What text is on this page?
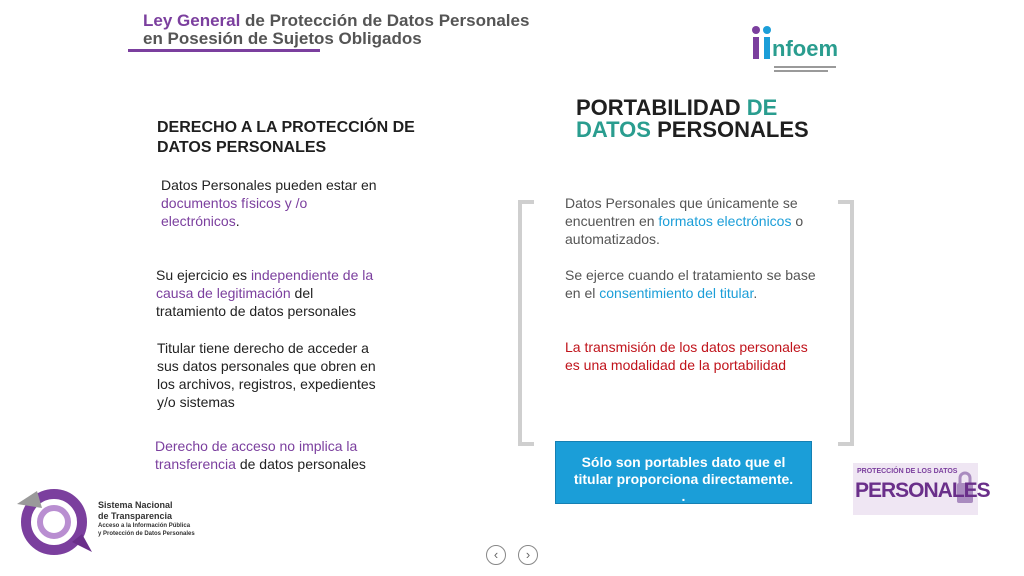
Ley General de Protección de Datos Personales
en Posesión de Sujetos Obligados	nfoem
PORTABILIDAD DE
DATOS PERSONALES
DERECHO A LA PROTECCIÓN DE DATOS PERSONALES
Datos Personales pueden estar en documentos físicos y /o electrónicos.
Su ejercicio es independiente de la causa de legitimación del tratamiento de datos personales
Titular tiene derecho de acceder a sus datos personales que obren en los archivos, registros, expedientes y/o sistemas
Derecho de acceso no implica la transferencia de datos personales
Datos Personales que únicamente se encuentren en formatos electrónicos o automatizados.
Se ejerce cuando el tratamiento se base en el consentimiento del titular.
La transmisión de los datos personales es una modalidad de la portabilidad
Sólo son portables dato que el
titular proporciona directamente.
.
PROTECCIÓN DE LOS DATOS
PERSONALES
Sistema Nacional
de Transparencia
Acceso a la Información Pública
y Protección de Datos Personales
‹	›
